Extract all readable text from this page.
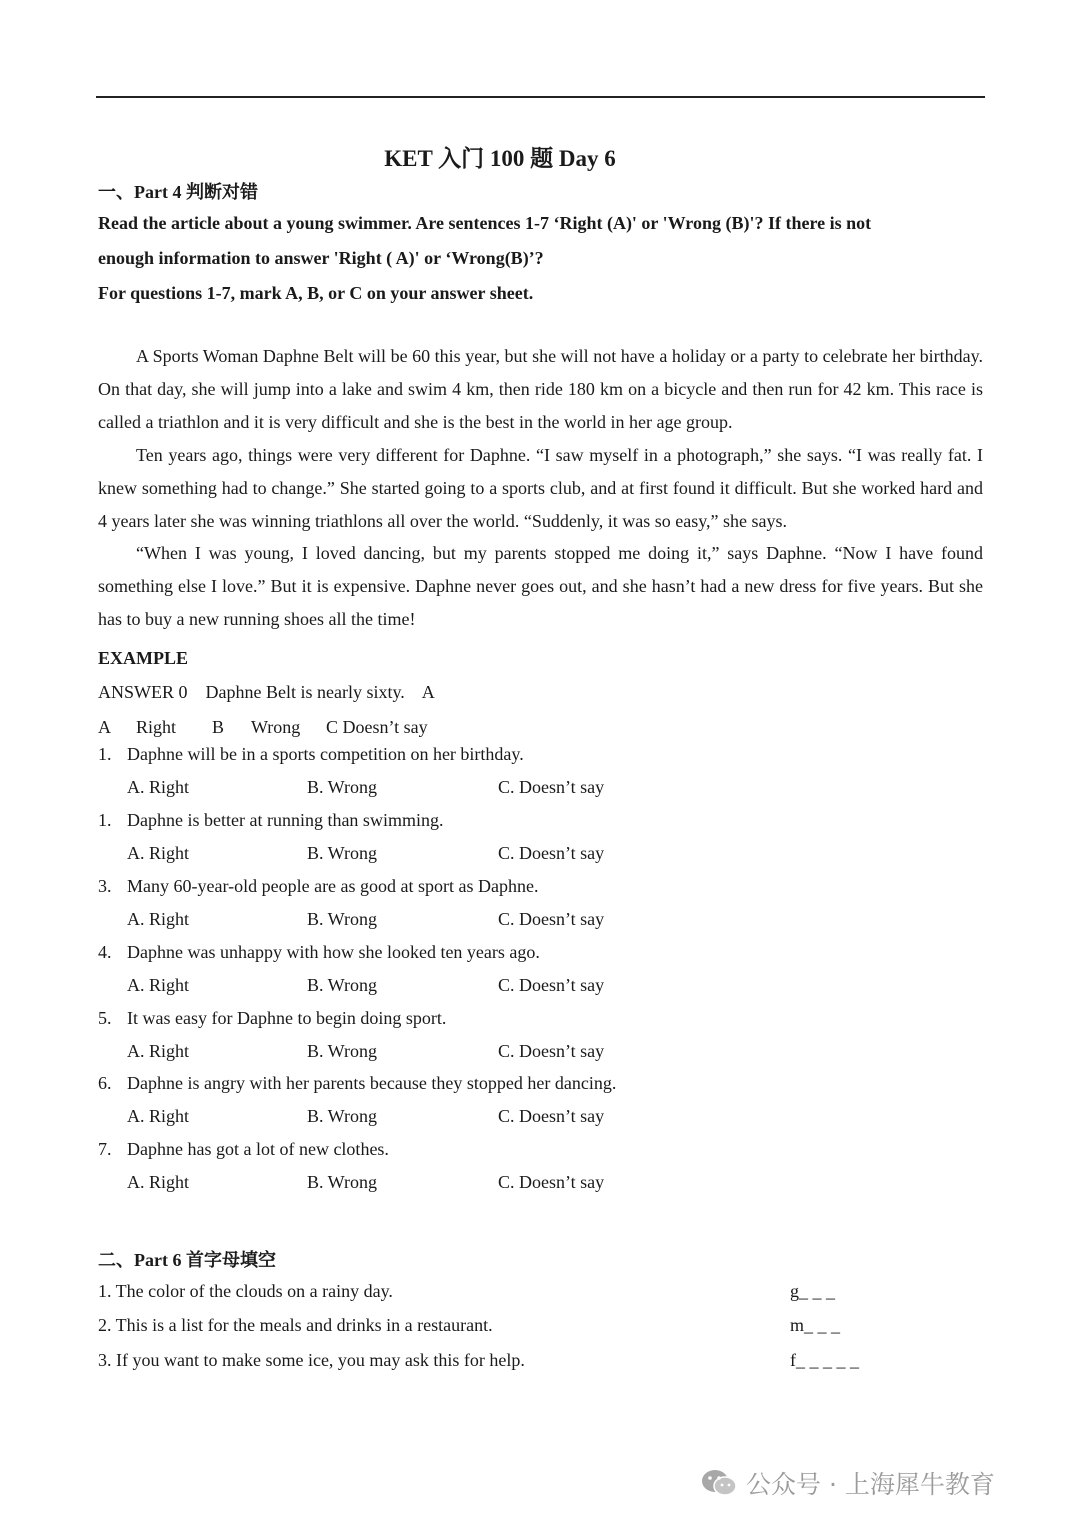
KET 入门 100 题 Day 6
一、Part 4 判断对错
Read the article about a young swimmer. Are sentences 1-7 ‘Right (A)' or 'Wrong (B)'? If there is not
enough information to answer 'Right ( A)' or ‘Wrong(B)’?
For questions 1-7, mark A, B, or C on your answer sheet.
A Sports Woman Daphne Belt will be 60 this year, but she will not have a holiday or a party to celebrate her birthday. On that day, she will jump into a lake and swim 4 km, then ride 180 km on a bicycle and then run for 42 km. This race is called a triathlon and it is very difficult and she is the best in the world in her age group.
Ten years ago, things were very different for Daphne. “I saw myself in a photograph,” she says. “I was really fat. I knew something had to change.” She started going to a sports club, and at first found it difficult. But she worked hard and 4 years later she was winning triathlons all over the world. “Suddenly, it was so easy,” she says.
“When I was young, I loved dancing, but my parents stopped me doing it,” says Daphne. “Now I have found something else I love.” But it is expensive. Daphne never goes out, and she hasn’t had a new dress for five years. But she has to buy a new running shoes all the time!
EXAMPLE
ANSWER 0    Daphne Belt is nearly sixty.    A
A Right B Wrong C Doesn’t say
1. Daphne will be in a sports competition on her birthday.
A. Right	B. Wrong	C. Doesn’t say
1. Daphne is better at running than swimming.
A. Right	B. Wrong	C. Doesn’t say
3. Many 60-year-old people are as good at sport as Daphne.
A. Right	B. Wrong	C. Doesn’t say
4. Daphne was unhappy with how she looked ten years ago.
A. Right	B. Wrong	C. Doesn’t say
5. It was easy for Daphne to begin doing sport.
A. Right	B. Wrong	C. Doesn’t say
6. Daphne is angry with her parents because they stopped her dancing.
A. Right	B. Wrong	C. Doesn’t say
7. Daphne has got a lot of new clothes.
A. Right	B. Wrong	C. Doesn’t say
二、Part 6 首字母填空
1. The color of the clouds on a rainy day.	g_ _ _
2. This is a list for the meals and drinks in a restaurant.	m_ _ _
3. If you want to make some ice, you may ask this for help.	f_ _ _ _ _
公众号 · 上海犀牛教育
